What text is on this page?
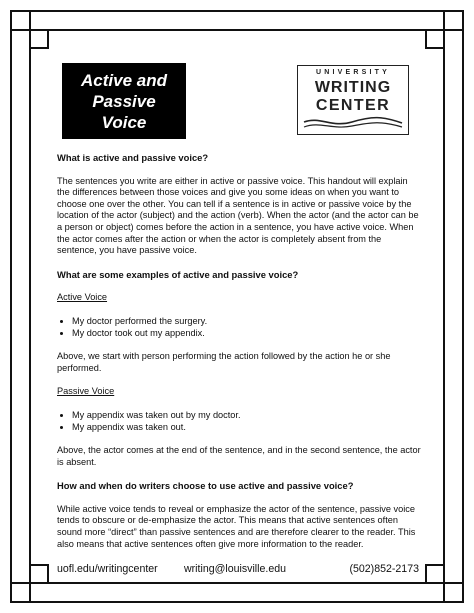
Active and
Passive
Voice
UNIVERSITY
WRITING
CENTER
What is active and passive voice?

The sentences you write are either in active or passive voice. This handout will explain the differences between those voices and give you some ideas on when you want to choose one over the other. You can tell if a sentence is in active or passive voice by the location of the actor (subject) and the action (verb). When the actor (and the actor can be a person or object) comes before the action in a sentence, you have active voice. When the actor comes after the action or when the actor is completely absent from the sentence, you have passive voice.

What are some examples of active and passive voice?
Active Voice
• My doctor performed the surgery.
• My doctor took out my appendix.

Above, we start with person performing the action followed by the action he or she performed.

Passive Voice
• My appendix was taken out by my doctor.
• My appendix was taken out.

Above, the actor comes at the end of the sentence, and in the second sentence, the actor is absent.

How and when do writers choose to use active and passive voice?

While active voice tends to reveal or emphasize the actor of the sentence, passive voice tends to obscure or de-emphasize the actor. This means that active sentences often sound more “direct” than passive sentences and are therefore clearer to the reader. This also means that active sentences often give more information to the reader.

uofl.edu/writingcenter writing@louisville.edu	(502)852-2173
